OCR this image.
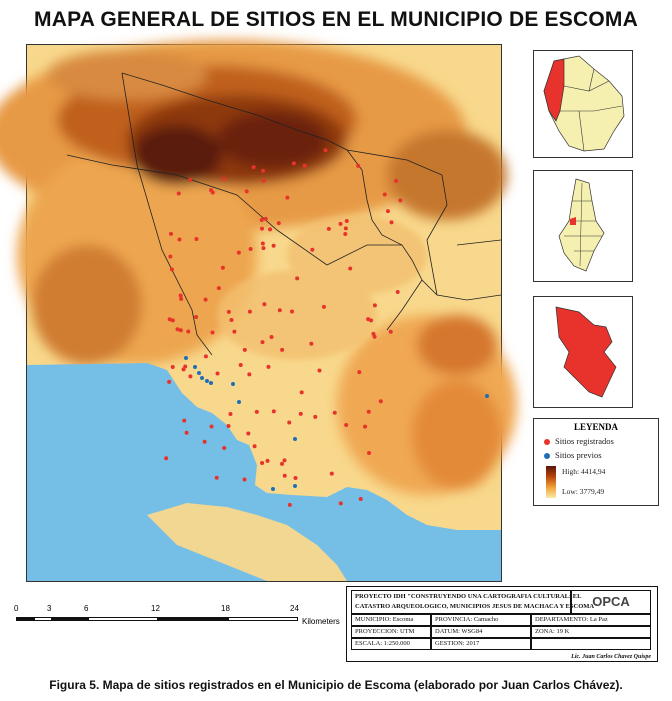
MAPA GENERAL DE SITIOS EN EL MUNICIPIO DE ESCOMA
LEYENDA
Sitios registrados
Sitios previos
High: 4414,94
Low: 3779,49
0	3	6	12	18	24
Kilometers
PROYECTO IDH "CONSTRUYENDO UNA CARTOGRAFIA CULTURAL: EL
CATASTRO ARQUEOLOGICO, MUNICIPIOS JESUS DE MACHACA Y ESCOMA"
OPCA
MUNICIPIO: Escoma	PROVINCIA: Camacho	DEPARTAMENTO: La Paz
PROYECCION: UTM	DATUM: WSG84	ZONA: 19 K
ESCALA: 1:250.000	GESTION: 2017
Lic. Juan Carlos Chavez Quispe
Figura 5. Mapa de sitios registrados en el Municipio de Escoma (elaborado por Juan Carlos Chávez).
